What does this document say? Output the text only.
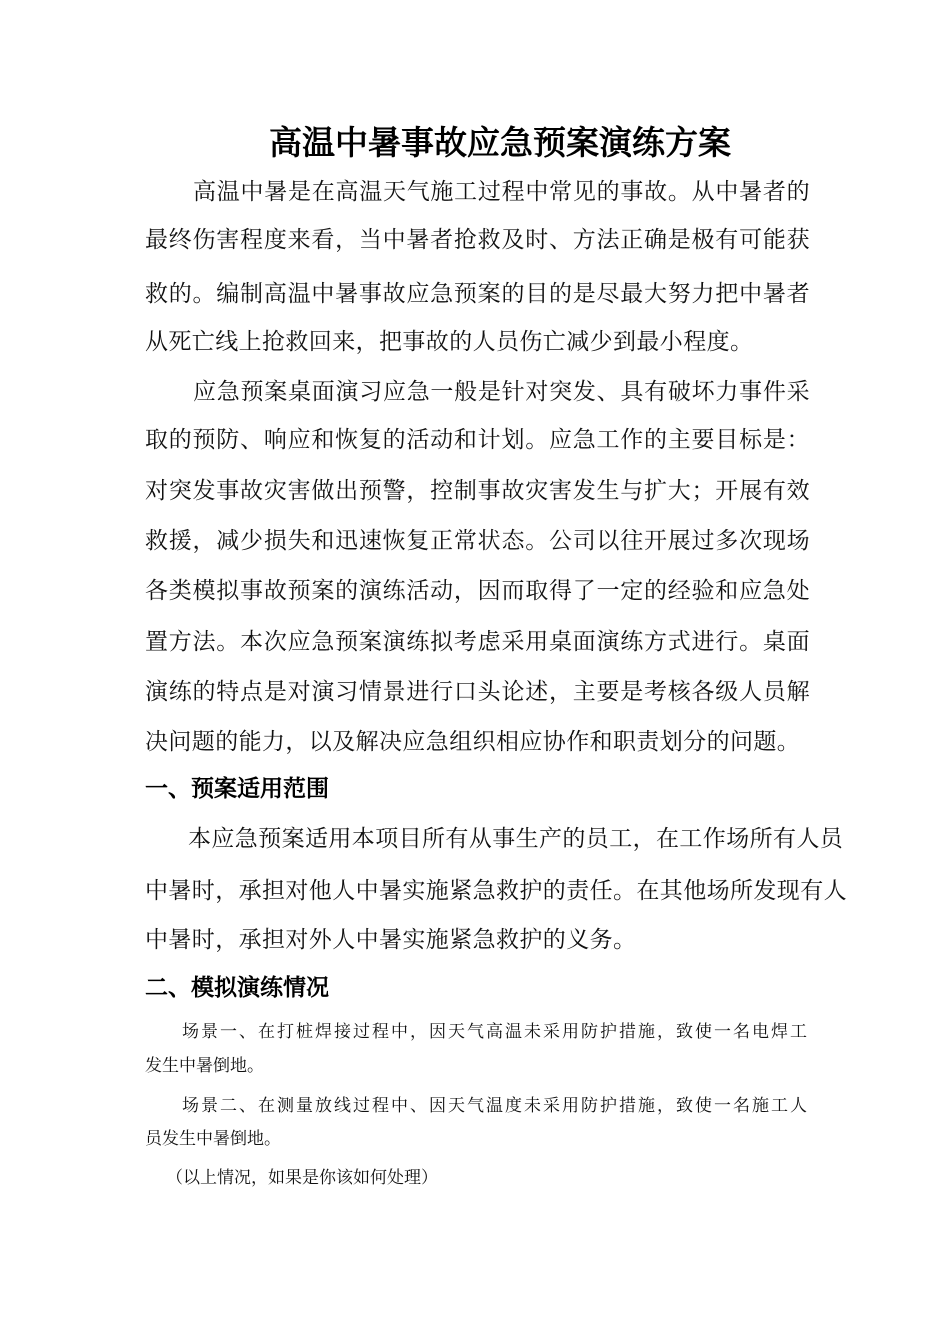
高温中暑事故应急预案演练方案
高温中暑是在高温天气施工过程中常见的事故。从中暑者的
最终伤害程度来看，当中暑者抢救及时、方法正确是极有可能获
救的。编制高温中暑事故应急预案的目的是尽最大努力把中暑者
从死亡线上抢救回来，把事故的人员伤亡减少到最小程度。
应急预案桌面演习应急一般是针对突发、具有破坏力事件采
取的预防、响应和恢复的活动和计划。应急工作的主要目标是：
对突发事故灾害做出预警，控制事故灾害发生与扩大；开展有效
救援，减少损失和迅速恢复正常状态。公司以往开展过多次现场
各类模拟事故预案的演练活动，因而取得了一定的经验和应急处
置方法。本次应急预案演练拟考虑采用桌面演练方式进行。桌面
演练的特点是对演习情景进行口头论述，主要是考核各级人员解
决问题的能力，以及解决应急组织相应协作和职责划分的问题。
一、预案适用范围
本应急预案适用本项目所有从事生产的员工，在工作场所有人员
中暑时，承担对他人中暑实施紧急救护的责任。在其他场所发现有人
中暑时，承担对外人中暑实施紧急救护的义务。
二、模拟演练情况
场景一、在打桩焊接过程中，因天气高温未采用防护措施，致使一名电焊工
发生中暑倒地。
场景二、在测量放线过程中、因天气温度未采用防护措施，致使一名施工人
员发生中暑倒地。
（以上情况，如果是你该如何处理）
